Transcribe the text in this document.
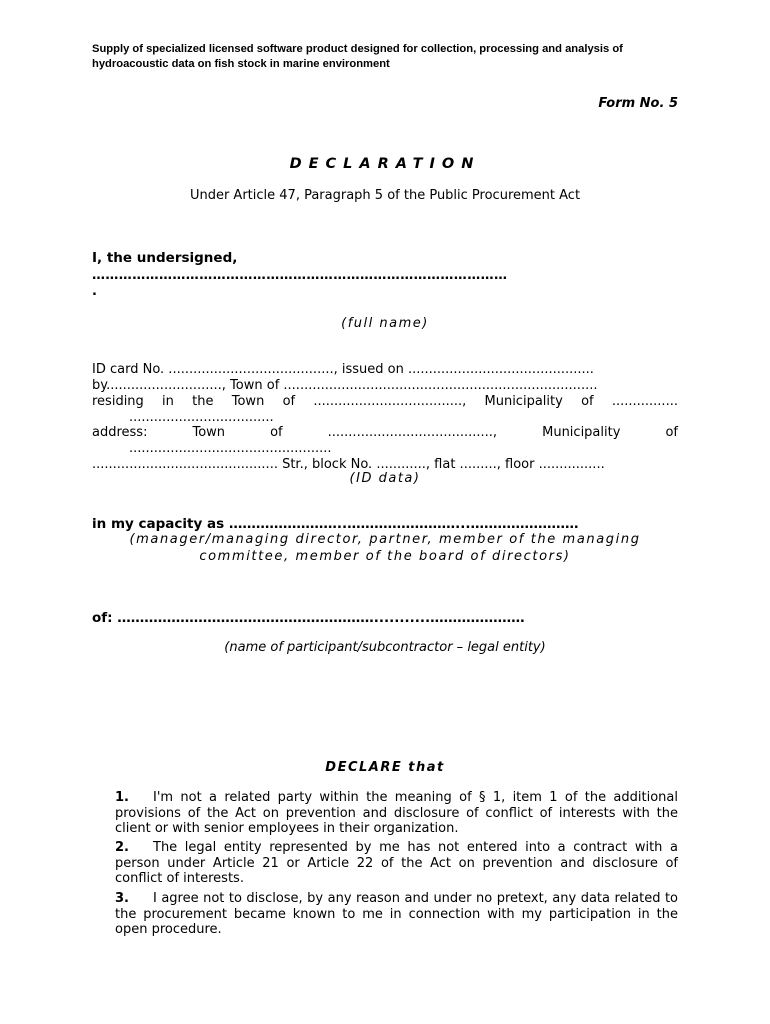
Supply of specialized licensed software product designed for collection, processing and analysis of hydroacoustic data on fish stock in marine environment
Form No. 5
DECLARATION
Under Article 47, Paragraph 5 of the Public Procurement Act
I, the undersigned,
…………………………………………………………………………………
.
(full name)
ID card No. ........................................, issued on .............................................
by............................, Town of ............................................................................
residing in the Town of ...................................., Municipality of ................
...................................
address:	Town	of	........................................,	Municipality	of
.................................................
............................................. Str., block No. ............, flat ........., floor ................
(ID data)
in my capacity as ……………………..……………………...……………………
(manager/managing director, partner, member of the managing
committee, member of the board of directors)
of: …………………………………………………...........…………………
(name of participant/subcontractor – legal entity)
DECLARE that
1. I'm not a related party within the meaning of § 1, item 1 of the additional provisions of the Act on prevention and disclosure of conflict of interests with the client or with senior employees in their organization.
2. The legal entity represented by me has not entered into a contract with a person under Article 21 or Article 22 of the Act on prevention and disclosure of conflict of interests.
3. I agree not to disclose, by any reason and under no pretext, any data related to the procurement became known to me in connection with my participation in the open procedure.
